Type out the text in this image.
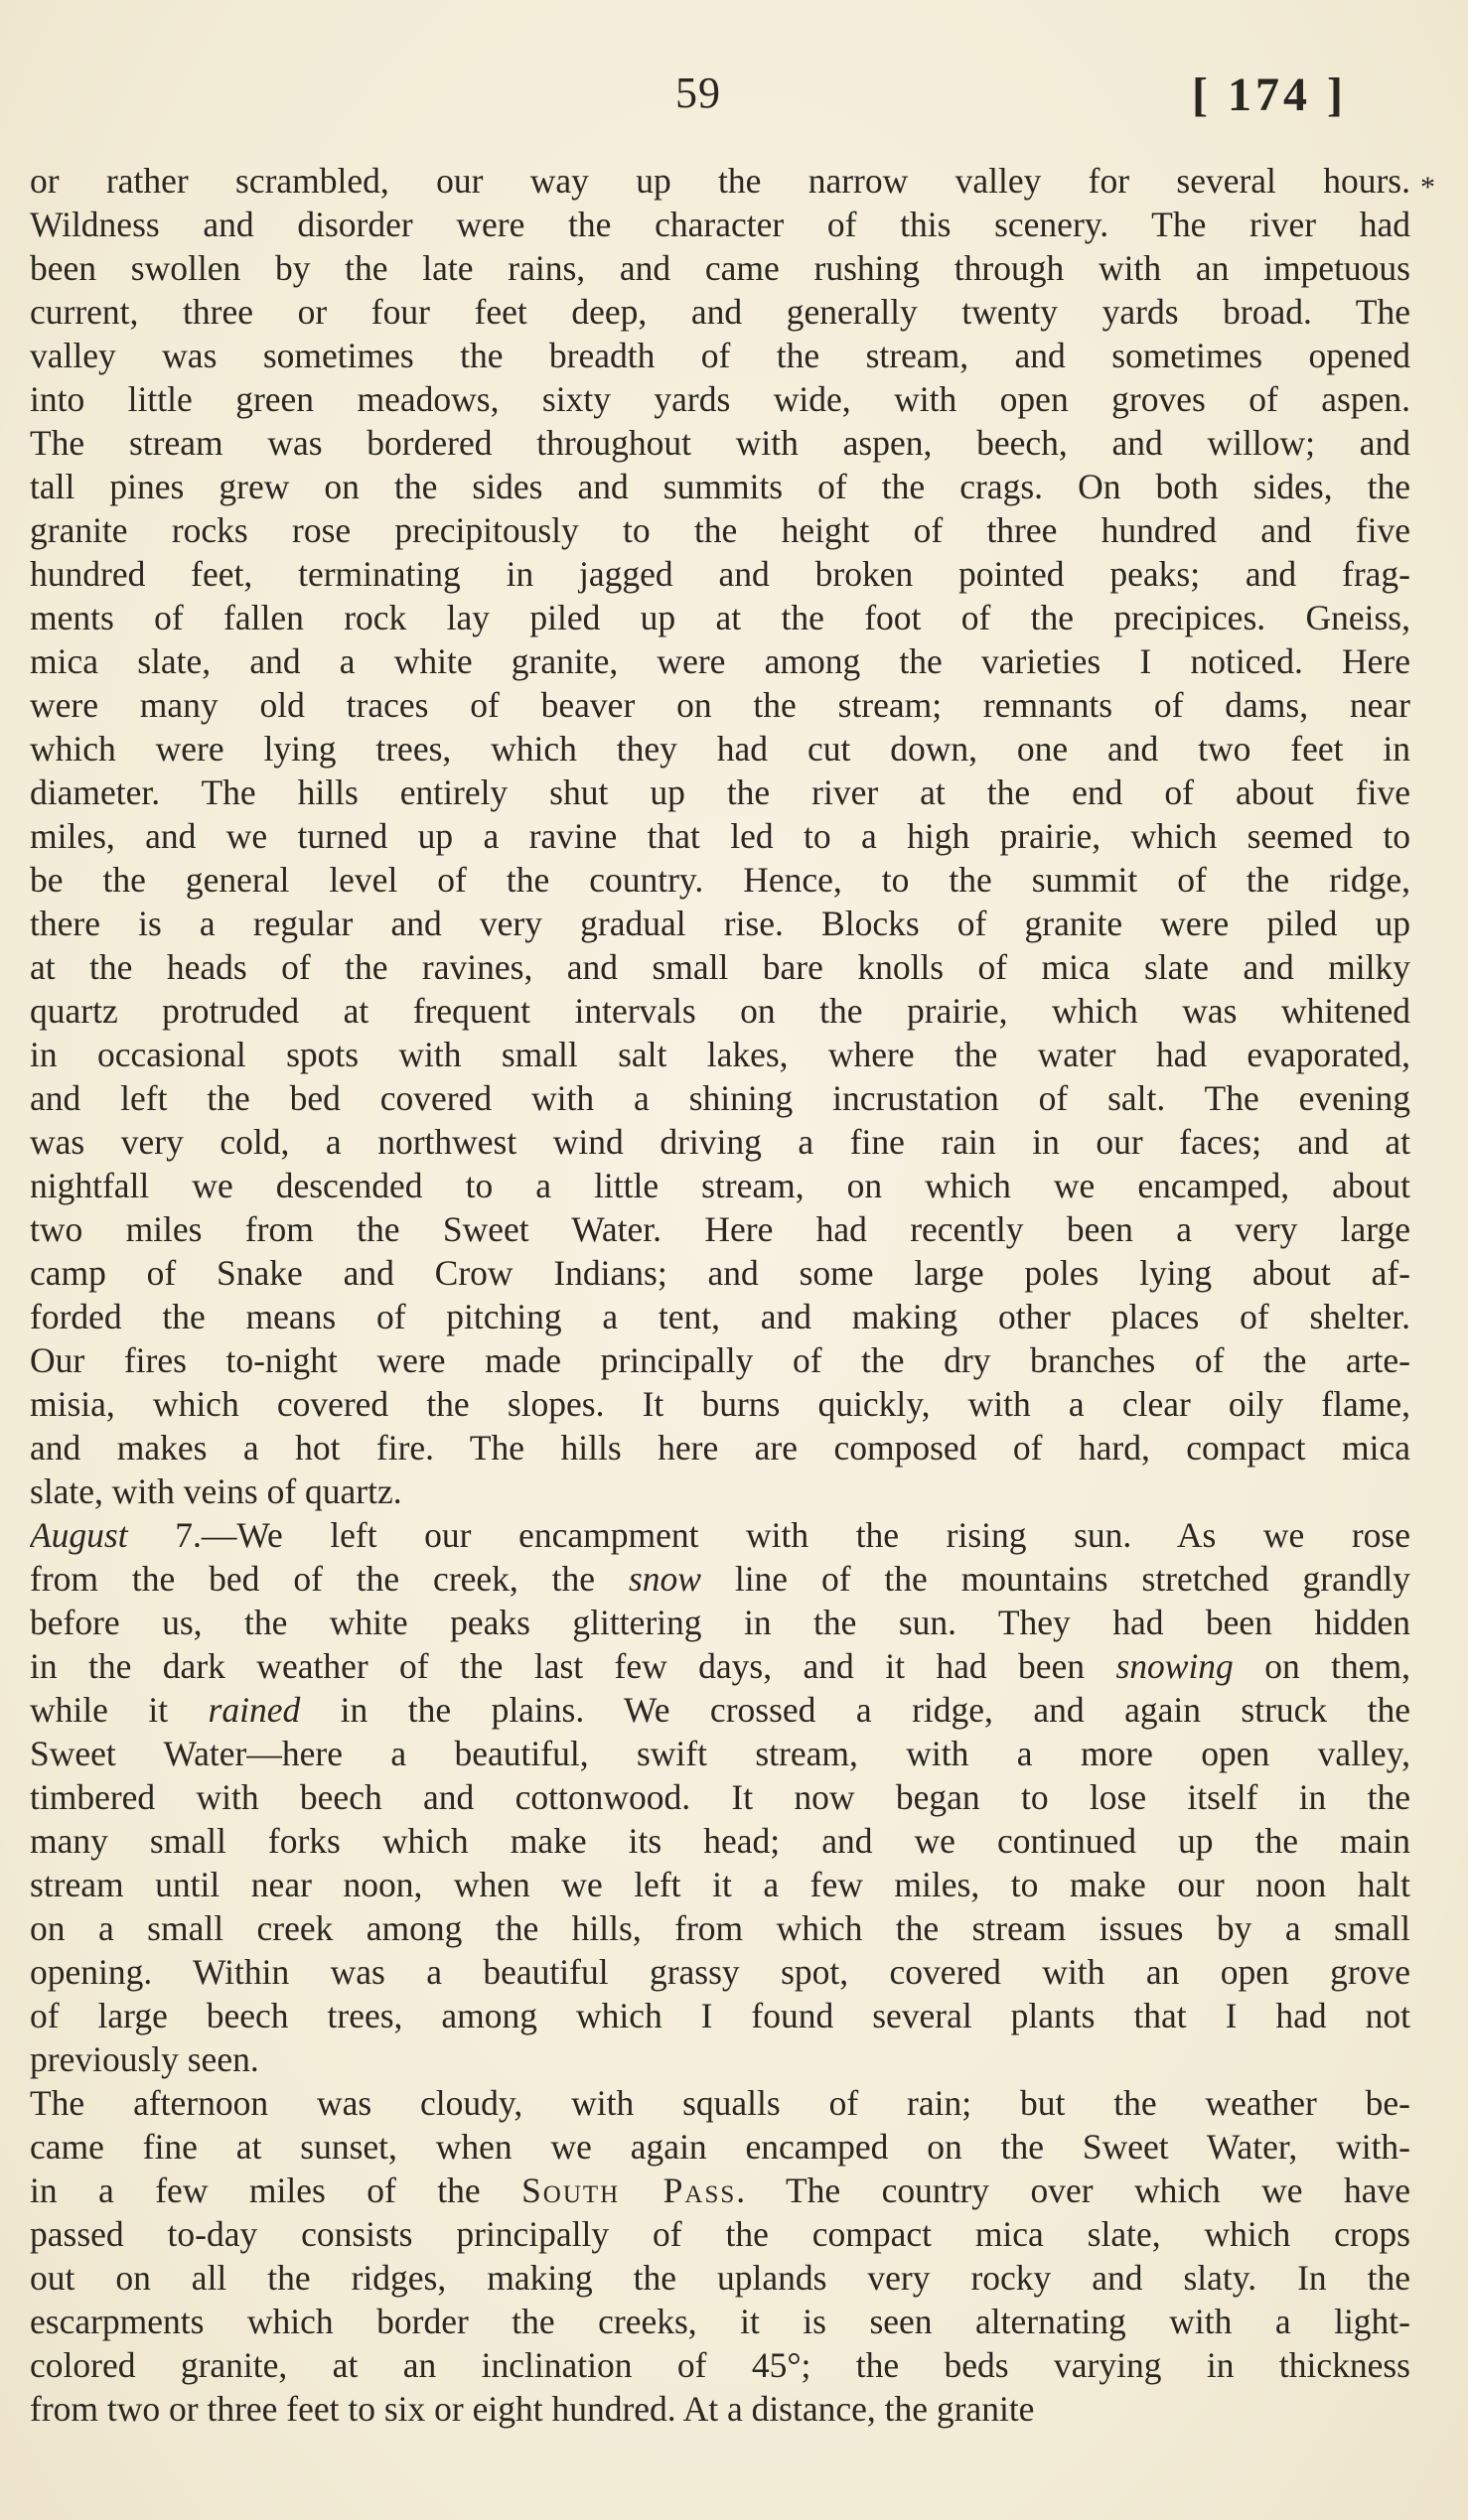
59	[ 174 ]
*
or rather scrambled, our way up the narrow valley for several hours.
Wildness and disorder were the character of this scenery. The river had
been swollen by the late rains, and came rushing through with an impetuous
current, three or four feet deep, and generally twenty yards broad. The
valley was sometimes the breadth of the stream, and sometimes opened
into little green meadows, sixty yards wide, with open groves of aspen.
The stream was bordered throughout with aspen, beech, and willow; and
tall pines grew on the sides and summits of the crags. On both sides, the
granite rocks rose precipitously to the height of three hundred and five
hundred feet, terminating in jagged and broken pointed peaks; and frag-
ments of fallen rock lay piled up at the foot of the precipices. Gneiss,
mica slate, and a white granite, were among the varieties I noticed. Here
were many old traces of beaver on the stream; remnants of dams, near
which were lying trees, which they had cut down, one and two feet in
diameter. The hills entirely shut up the river at the end of about five
miles, and we turned up a ravine that led to a high prairie, which seemed to
be the general level of the country. Hence, to the summit of the ridge,
there is a regular and very gradual rise. Blocks of granite were piled up
at the heads of the ravines, and small bare knolls of mica slate and milky
quartz protruded at frequent intervals on the prairie, which was whitened
in occasional spots with small salt lakes, where the water had evaporated,
and left the bed covered with a shining incrustation of salt. The evening
was very cold, a northwest wind driving a fine rain in our faces; and at
nightfall we descended to a little stream, on which we encamped, about
two miles from the Sweet Water. Here had recently been a very large
camp of Snake and Crow Indians; and some large poles lying about af-
forded the means of pitching a tent, and making other places of shelter.
Our fires to-night were made principally of the dry branches of the arte-
misia, which covered the slopes. It burns quickly, with a clear oily flame,
and makes a hot fire. The hills here are composed of hard, compact mica
slate, with veins of quartz.
August 7.—We left our encampment with the rising sun. As we rose
from the bed of the creek, the snow line of the mountains stretched grandly
before us, the white peaks glittering in the sun. They had been hidden
in the dark weather of the last few days, and it had been snowing on them,
while it rained in the plains. We crossed a ridge, and again struck the
Sweet Water—here a beautiful, swift stream, with a more open valley,
timbered with beech and cottonwood. It now began to lose itself in the
many small forks which make its head; and we continued up the main
stream until near noon, when we left it a few miles, to make our noon halt
on a small creek among the hills, from which the stream issues by a small
opening. Within was a beautiful grassy spot, covered with an open grove
of large beech trees, among which I found several plants that I had not
previously seen.
The afternoon was cloudy, with squalls of rain; but the weather be-
came fine at sunset, when we again encamped on the Sweet Water, with-
in a few miles of the South Pass. The country over which we have
passed to-day consists principally of the compact mica slate, which crops
out on all the ridges, making the uplands very rocky and slaty. In the
escarpments which border the creeks, it is seen alternating with a light-
colored granite, at an inclination of 45°; the beds varying in thickness
from two or three feet to six or eight hundred. At a distance, the granite
